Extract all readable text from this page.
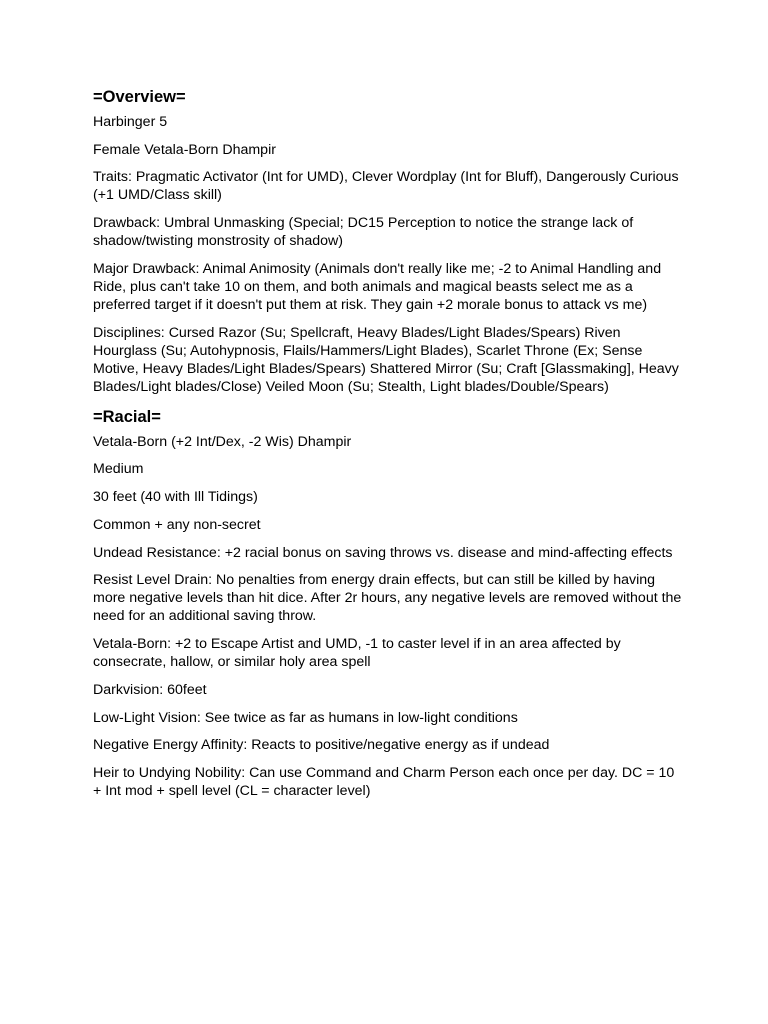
=Overview=

Harbinger 5

Female Vetala-Born Dhampir

Traits: Pragmatic Activator (Int for UMD), Clever Wordplay (Int for Bluff), Dangerously Curious (+1 UMD/Class skill)

Drawback: Umbral Unmasking (Special; DC15 Perception to notice the strange lack of shadow/twisting monstrosity of shadow)

Major Drawback: Animal Animosity (Animals don't really like me; -2 to Animal Handling and Ride, plus can't take 10 on them, and both animals and magical beasts select me as a preferred target if it doesn't put them at risk. They gain +2 morale bonus to attack vs me)

Disciplines: Cursed Razor (Su; Spellcraft, Heavy Blades/Light Blades/Spears) Riven Hourglass (Su; Autohypnosis, Flails/Hammers/Light Blades), Scarlet Throne (Ex; Sense Motive, Heavy Blades/Light Blades/Spears) Shattered Mirror (Su; Craft [Glassmaking], Heavy Blades/Light blades/Close) Veiled Moon (Su; Stealth, Light blades/Double/Spears)

=Racial=

Vetala-Born (+2 Int/Dex, -2 Wis) Dhampir

Medium

30 feet (40 with Ill Tidings)

Common + any non-secret

Undead Resistance: +2 racial bonus on saving throws vs. disease and mind-affecting effects

Resist Level Drain: No penalties from energy drain effects, but can still be killed by having more negative levels than hit dice. After 2r hours, any negative levels are removed without the need for an additional saving throw.

Vetala-Born: +2 to Escape Artist and UMD, -1 to caster level if in an area affected by consecrate, hallow, or similar holy area spell

Darkvision: 60feet

Low-Light Vision: See twice as far as humans in low-light conditions

Negative Energy Affinity: Reacts to positive/negative energy as if undead

Heir to Undying Nobility: Can use Command and Charm Person each once per day. DC = 10 + Int mod + spell level (CL = character level)
